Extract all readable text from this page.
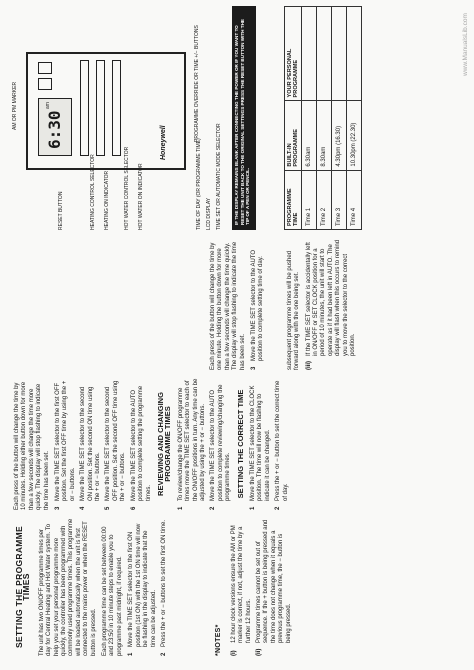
SETTING THE PROGRAMME TIMES The unit has two ON/OFF programme times per day for Central Heating and Hot Water system. To help you set your personal programme more quickly, the controller has been programmed with commonly used programme times. This programme will be loaded automatically when the unit is first connected to the mains power or when the RESET button is pressed. Each programme time can be set between 00:00 and 23:50 in 10 minute steps to enable you to programme past midnight, if required. 1
Move the TIME SET selector to the first ON position (1st ON) with the 1st ON time will now be flashing in the display to indicate that the time can be adjusted.
2
Press the + or − buttons to set the first ON time.	*NOTES* (i)
12 hour clock versions ensure the AM or PM marker is correct, if not, adjust the time by a further 12 hours.
(ii)
Programme times cannot be set out of sequence. If the + button is being pressed and the time does not change when it equals a previous programme time, the − button is being pressed.

Each press of the button will change the time by 10 minutes. Holding either button down for more than a few seconds will change the time more quickly. The display will stop flashing to indicate the time has been set. 3
Move the TIME SET selector to the first OFF position. Set the first OFF time by using the + or − buttons.
4
Move the TIME SET selector to the second ON position. Set the second ON time using the + or − buttons.
5
Move the TIME SET selector to the second OFF position. Set the second OFF time using the + or − buttons.
6
Move the TIME SET selector to the AUTO position to complete setting the programme times. REVIEWING AND CHANGING PROGRAMME TIMES
1
To review/change the ON/OFF programme times move the TIME SET selector to each of the ON/OFF positions in turn. Any time can be adjusted by using the + or − buttons.
2
Move the TIME SET selector to the AUTO position to complete reviewing/changing the programme times. SETTING THE CORRECT TIME
1
Move the TIME SET selector to the CLOCK position. The time will now be flashing to indicate it can be changed.
2
Press the + or − button to set the correct time of day.

Each press of the button will change the time by one minute. Holding the button down for more than a few seconds will change the time quickly. The display will stop flashing to indicate the time has been set. 3
Move the TIME SET selector to the AUTO position to complete setting time of day.	subsequent programme times will be pushed forward along with the one being set. (iii)
If the TIME SET selector is accidentally left in ON/OFF or SET CLOCK position for a period of 10 minutes, the unit will start to operate as if it had been left in AUTO. The display will flash when this occurs to remind you to move the selector to the correct position.
6:30
am
Honeywell	TIME OF DAY (OR PROGRAMME TIME) LCD DISPLAY TIME SET OR AUTOMATIC MODE SELECTOR
AM OR PM MARKER	PROGRAMME OVERRIDE OR TIME +/− BUTTONS
RESET BUTTON	HEATING CONTROL SELECTOR HEATING ON INDICATOR	HOT WATER CONTROL SELECTOR HOT WATER ON INDICATOR	IF THE DISPLAY REMAINS BLANK AFTER CONNECTING THE POWER OR IF YOU WANT TO RESET THE UNIT BACK TO THE ORIGINAL SETTINGS PRESS THE RESET BUTTON WITH THE TIP OF A PEN OR PENCIL.	PROGRAMME TIME	BUILT-IN PROGRAMME	YOUR PERSONAL PROGRAMME
Time 1	6.30am	
Time 2	8.30am	
Time 3	4.30pm (16.30)	
Time 4	10.30pm (22.30)	
www.ManualsLib.com
